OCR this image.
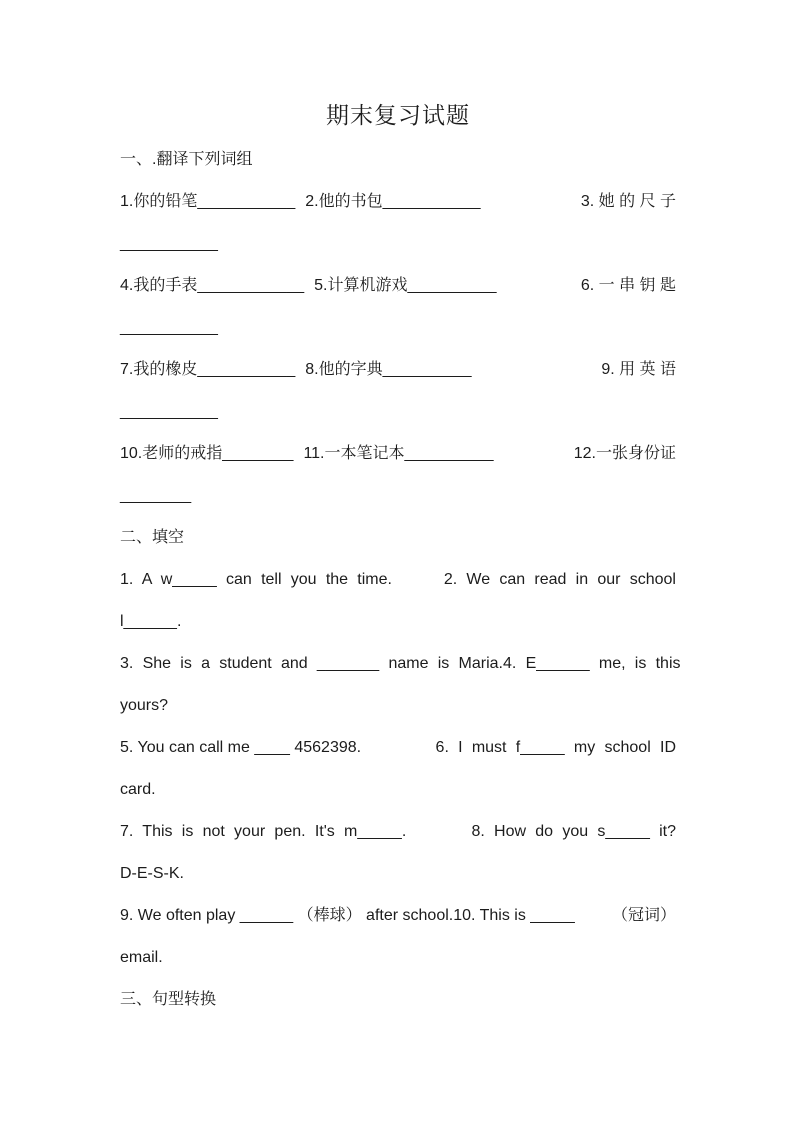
期末复习试题
一、.翻译下列词组
1.你的铅笔___________ 2.他的书包___________	3. 她 的 尺 子
___________
4.我的手表____________ 5.计算机游戏__________	6. 一 串 钥 匙
___________
7.我的橡皮___________ 8.他的字典__________	9. 用 英 语
___________
10.老师的戒指________ 11.一本笔记本__________	12.一张身份证
________
二、填空
1. A w_____ can tell you the time.	2. We can read in our school
l______.
3. She is a student and _______ name is Maria. 4. E______ me, is this
yours?
5. You can call me ____ 4562398.	6. I must f_____ my school ID
card.
7. This is not your pen. It's m_____.	8. How do you s_____ it?
D-E-S-K.
9. We often play ______ （棒球） after school. 10. This is _____ （冠词）
email.
三、句型转换
